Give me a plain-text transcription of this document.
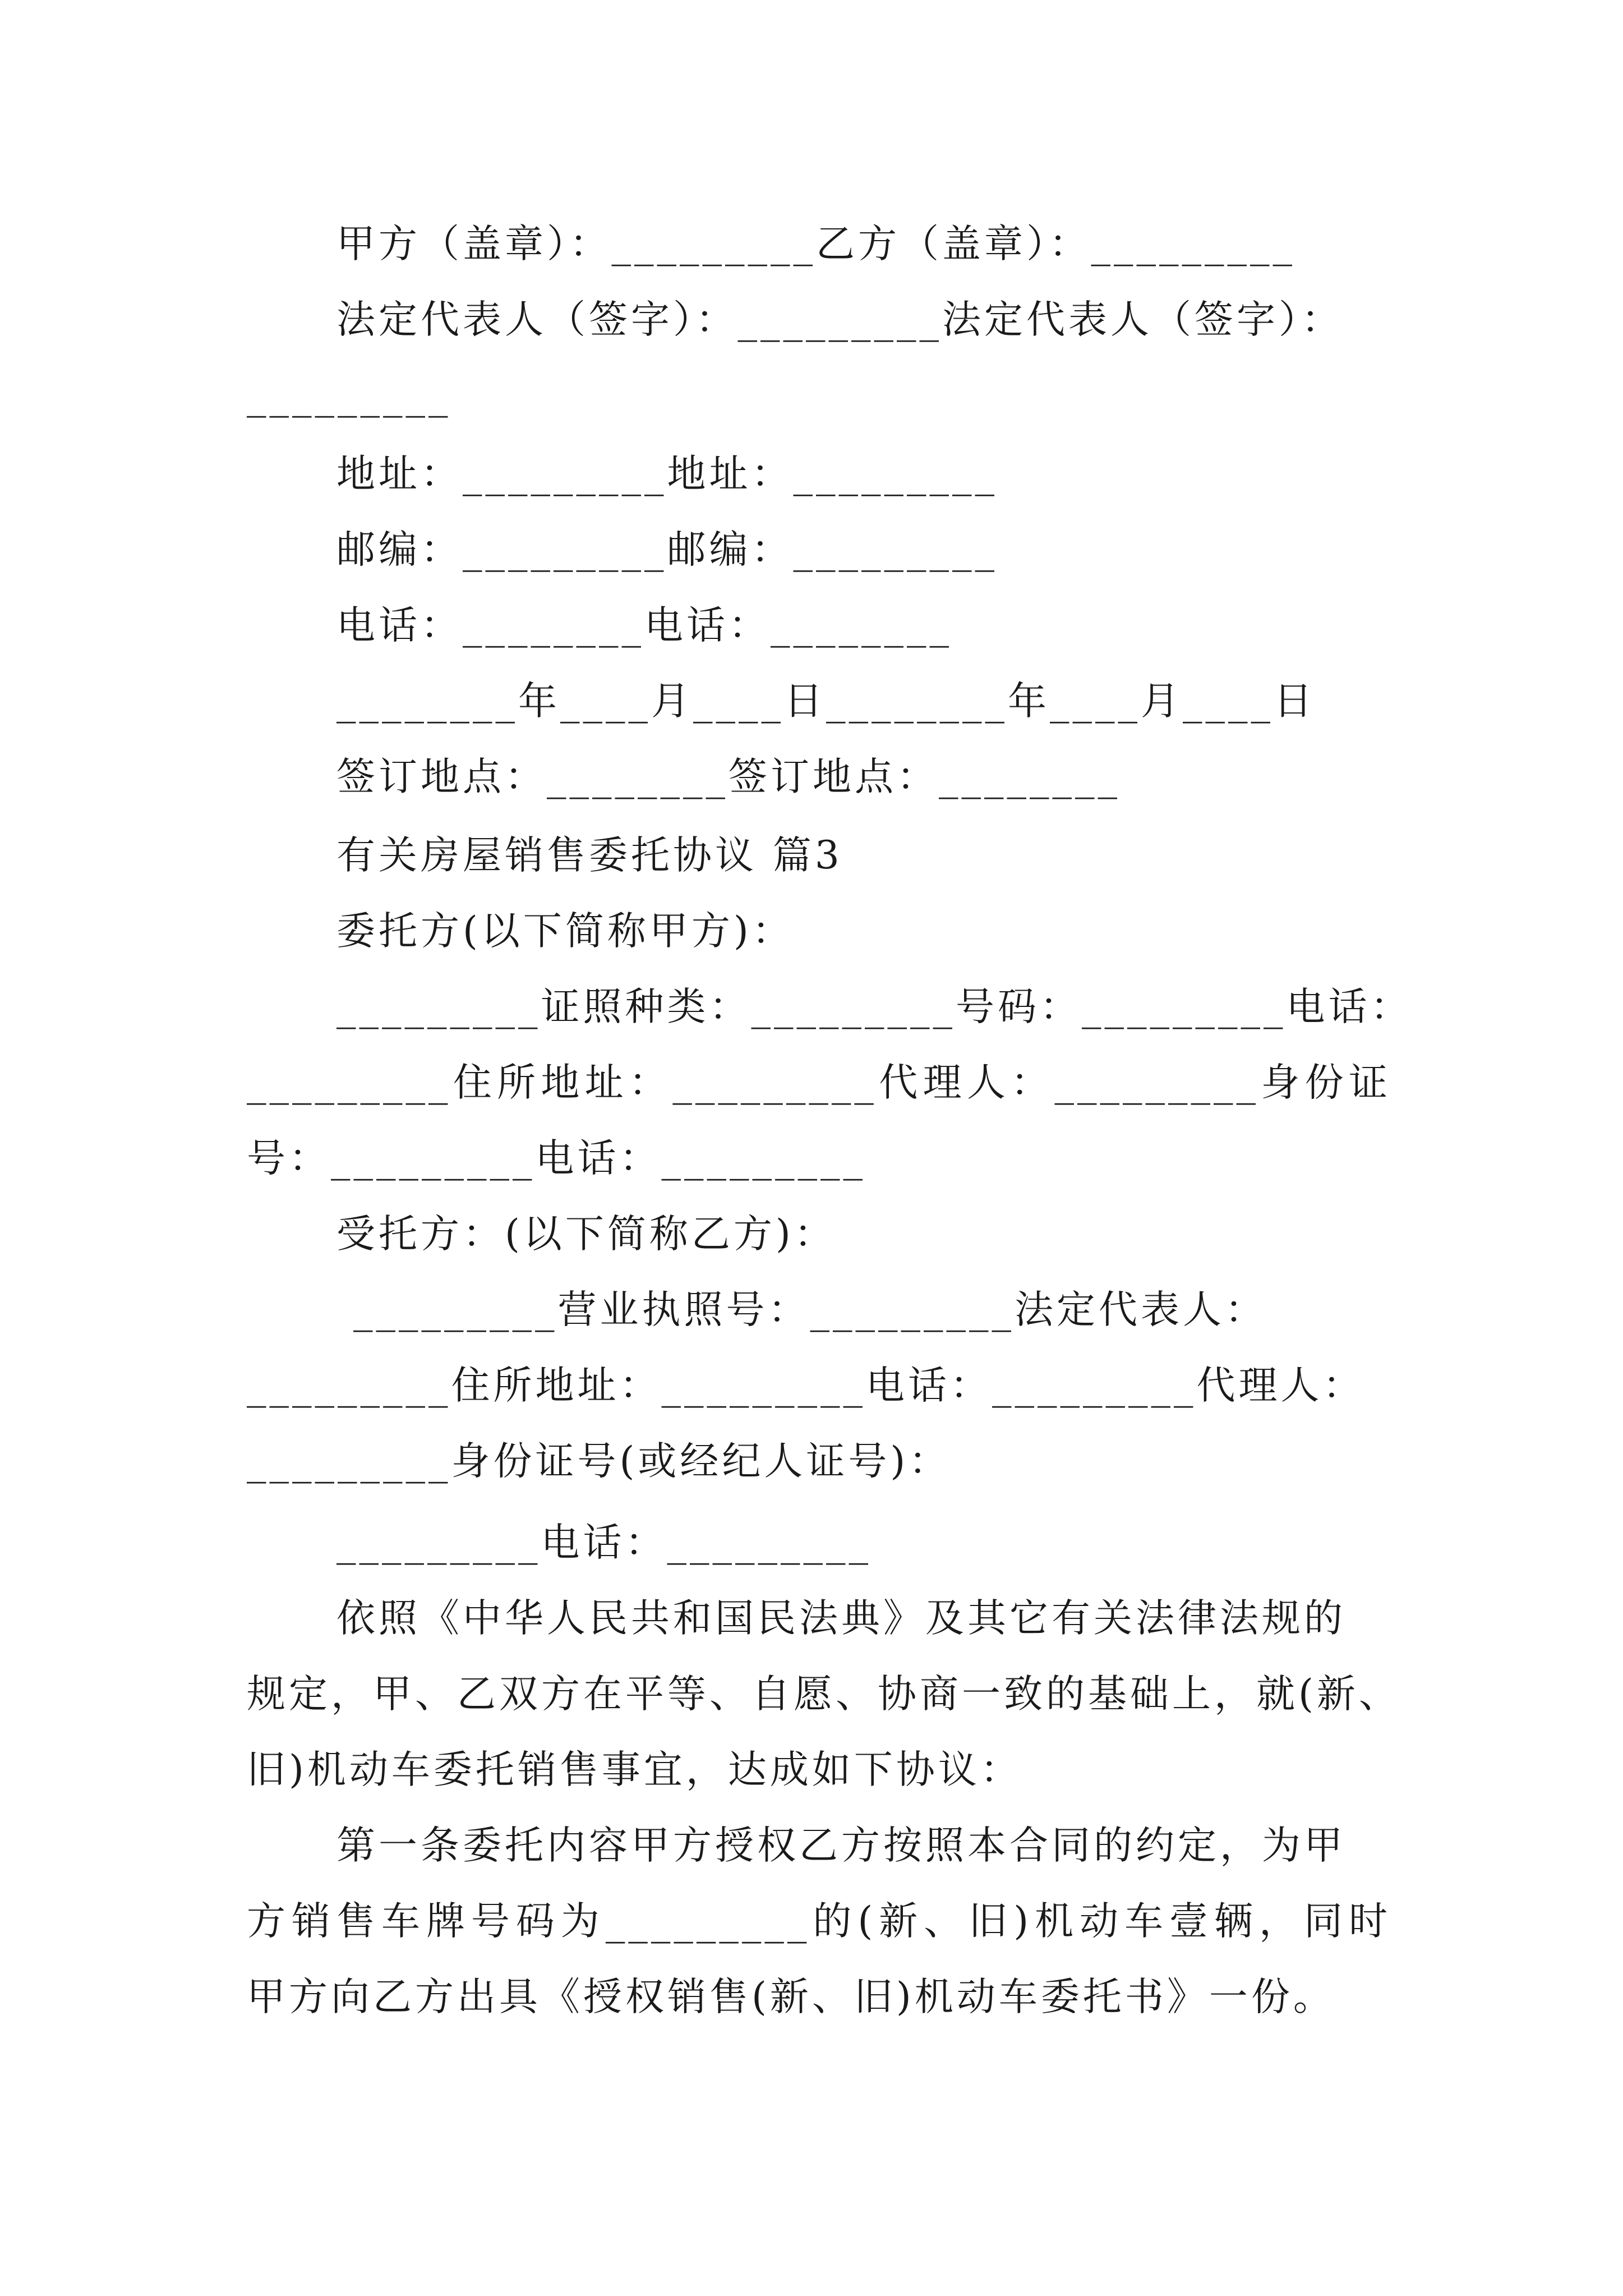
甲方（盖章）：_________乙方（盖章）：_________
法定代表人（签字）：_________法定代表人（签字）：
_________
地址：_________地址：_________
邮编：_________邮编：_________
电话：________电话：________
________年____月____日________年____月____日
签订地点：________签订地点：________
有关房屋销售委托协议 篇3
委托方(以下简称甲方)：
_________证照种类：_________号码：_________电话：
_________住所地址：_________代理人：_________身份证
号：_________电话：_________
受托方：(以下简称乙方)：
_________营业执照号：_________法定代表人：
_________住所地址：_________电话：_________代理人：
_________身份证号(或经纪人证号)：
_________电话：_________
依照《中华人民共和国民法典》及其它有关法律法规的
规定，甲、乙双方在平等、自愿、协商一致的基础上，就(新、
旧)机动车委托销售事宜，达成如下协议：
第一条委托内容甲方授权乙方按照本合同的约定，为甲
方销售车牌号码为_________的(新、旧)机动车壹辆，同时
甲方向乙方出具《授权销售(新、旧)机动车委托书》一份。
